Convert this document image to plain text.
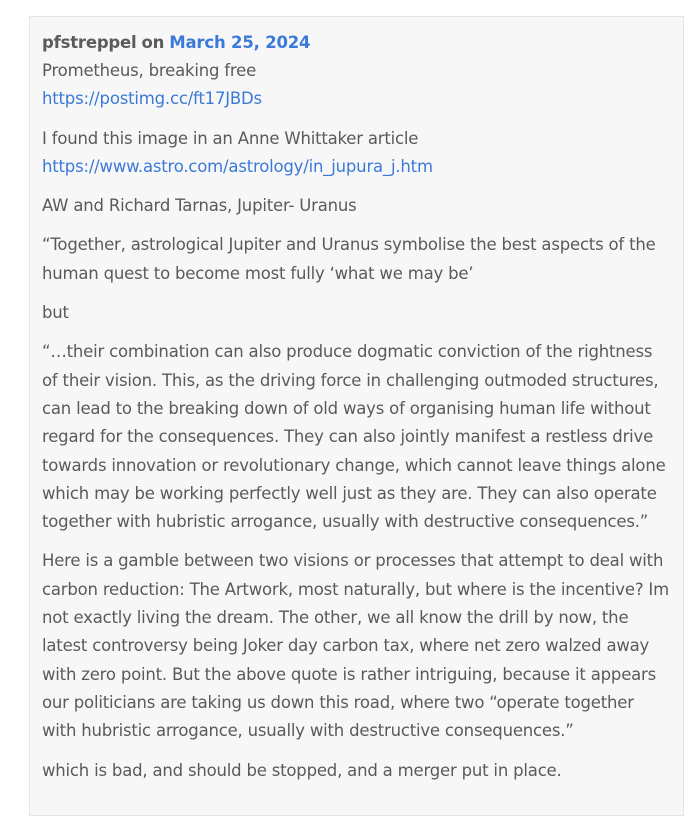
pfstreppel on March 25, 2024
Prometheus, breaking free
https://postimg.cc/ft17JBDs
I found this image in an Anne Whittaker article
https://www.astro.com/astrology/in_jupura_j.htm

AW and Richard Tarnas, Jupiter- Uranus

“Together, astrological Jupiter and Uranus symbolise the best aspects of the human quest to become most fully ‘what we may be’

but

“…their combination can also produce dogmatic conviction of the rightness of their vision. This, as the driving force in challenging outmoded structures, can lead to the breaking down of old ways of organising human life without regard for the consequences. They can also jointly manifest a restless drive towards innovation or revolutionary change, which cannot leave things alone which may be working perfectly well just as they are. They can also operate together with hubristic arrogance, usually with destructive consequences.”

Here is a gamble between two visions or processes that attempt to deal with carbon reduction: The Artwork, most naturally, but where is the incentive? Im not exactly living the dream. The other, we all know the drill by now, the latest controversy being Joker day carbon tax, where net zero walzed away with zero point. But the above quote is rather intriguing, because it appears our politicians are taking us down this road, where two “operate together with hubristic arrogance, usually with destructive consequences.”

which is bad, and should be stopped, and a merger put in place.
